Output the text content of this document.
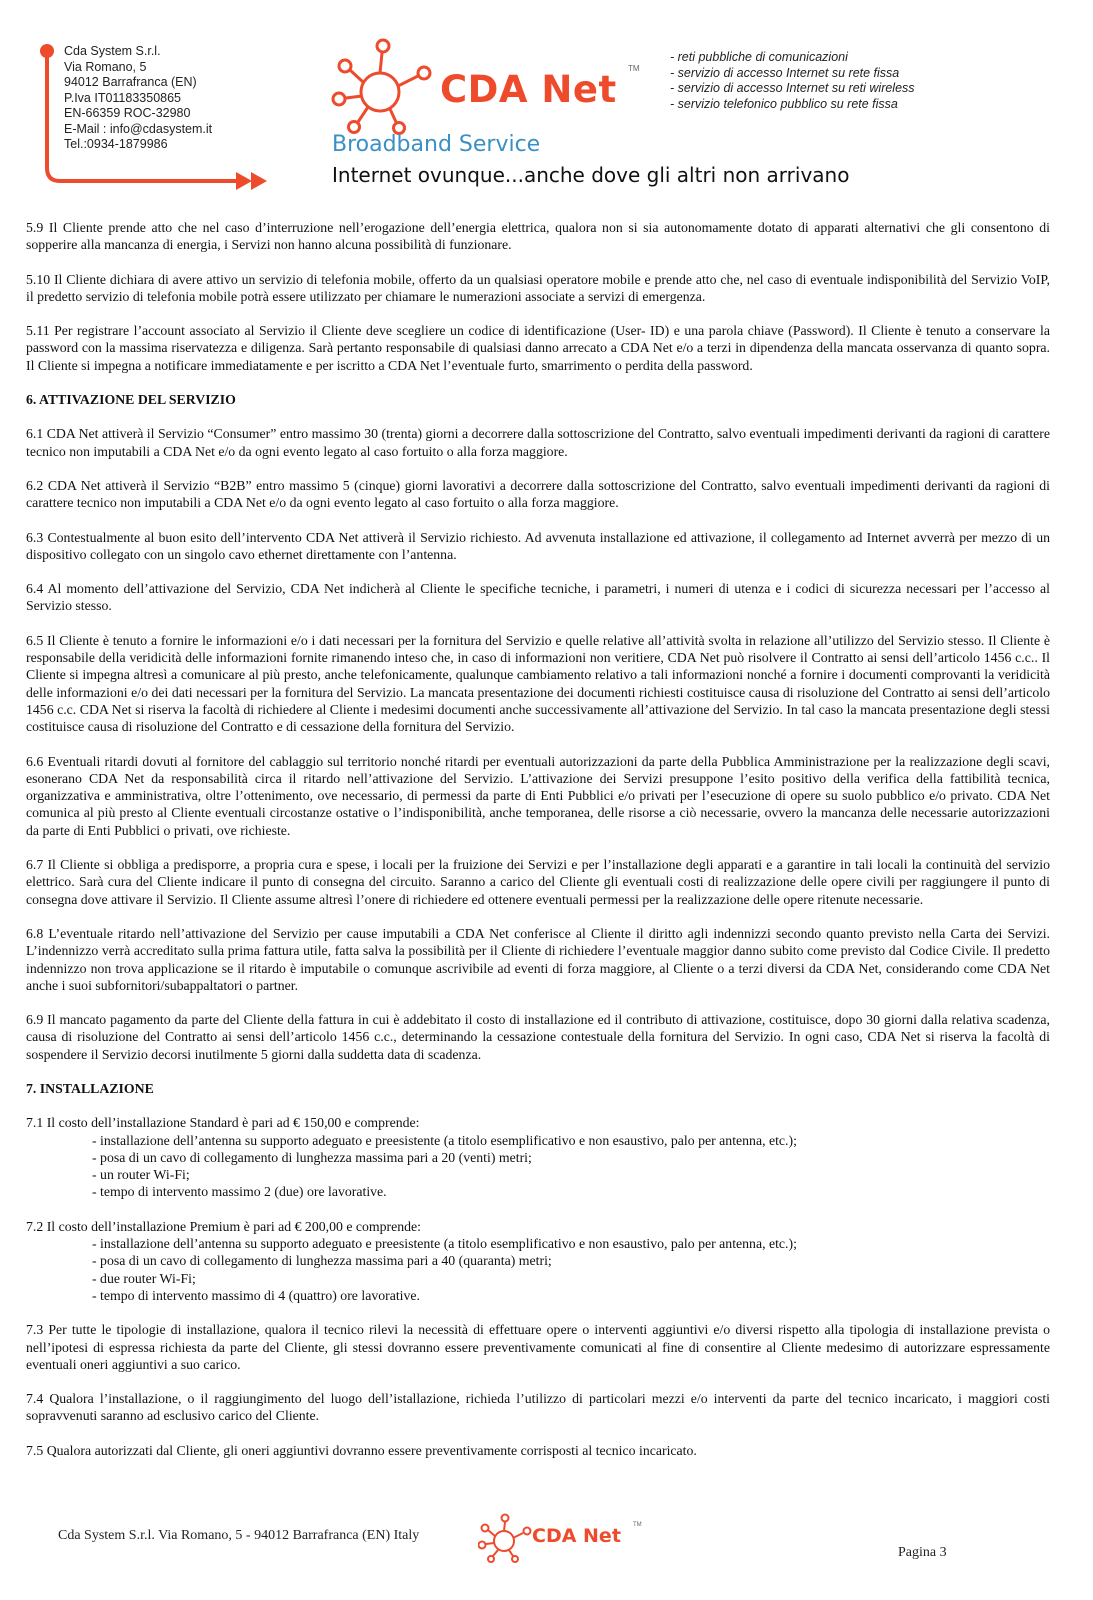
Cda System S.r.l.
Via Romano, 5
94012 Barrafranca (EN)
P.Iva IT01183350865
EN-66359 ROC-32980
E-Mail : info@cdasystem.it
Tel.:0934-1879986
CDA Net TM
Broadband Service
Internet ovunque...anche dove gli altri non arrivano
- reti pubbliche di comunicazioni
- servizio di accesso Internet su rete fissa
- servizio di accesso Internet su reti wireless
- servizio telefonico pubblico su rete fissa

5.9 Il Cliente prende atto che nel caso d’interruzione nell’erogazione dell’energia elettrica, qualora non si sia autonomamente dotato di apparati alternativi che gli consentono di sopperire alla mancanza di energia, i Servizi non hanno alcuna possibilità di funzionare.

5.10 Il Cliente dichiara di avere attivo un servizio di telefonia mobile, offerto da un qualsiasi operatore mobile e prende atto che, nel caso di eventuale indisponibilità del Servizio VoIP, il predetto servizio di telefonia mobile potrà essere utilizzato per chiamare le numerazioni associate a servizi di emergenza.

5.11 Per registrare l’account associato al Servizio il Cliente deve scegliere un codice di identificazione (User- ID) e una parola chiave (Password). Il Cliente è tenuto a conservare la password con la massima riservatezza e diligenza. Sarà pertanto responsabile di qualsiasi danno arrecato a CDA Net e/o a terzi in dipendenza della mancata osservanza di quanto sopra. Il Cliente si impegna a notificare immediatamente e per iscritto a CDA Net l’eventuale furto, smarrimento o perdita della password.

6. ATTIVAZIONE DEL SERVIZIO

6.1 CDA Net attiverà il Servizio “Consumer” entro massimo 30 (trenta) giorni a decorrere dalla sottoscrizione del Contratto, salvo eventuali impedimenti derivanti da ragioni di carattere tecnico non imputabili a CDA Net e/o da ogni evento legato al caso fortuito o alla forza maggiore.

6.2 CDA Net attiverà il Servizio “B2B” entro massimo 5 (cinque) giorni lavorativi a decorrere dalla sottoscrizione del Contratto, salvo eventuali impedimenti derivanti da ragioni di carattere tecnico non imputabili a CDA Net e/o da ogni evento legato al caso fortuito o alla forza maggiore.

6.3 Contestualmente al buon esito dell’intervento CDA Net attiverà il Servizio richiesto. Ad avvenuta installazione ed attivazione, il collegamento ad Internet avverrà per mezzo di un dispositivo collegato con un singolo cavo ethernet direttamente con l’antenna.

6.4 Al momento dell’attivazione del Servizio, CDA Net indicherà al Cliente le specifiche tecniche, i parametri, i numeri di utenza e i codici di sicurezza necessari per l’accesso al Servizio stesso.

6.5 Il Cliente è tenuto a fornire le informazioni e/o i dati necessari per la fornitura del Servizio e quelle relative all’attività svolta in relazione all’utilizzo del Servizio stesso. Il Cliente è responsabile della veridicità delle informazioni fornite rimanendo inteso che, in caso di informazioni non veritiere, CDA Net può risolvere il Contratto ai sensi dell’articolo 1456 c.c.. Il Cliente si impegna altresì a comunicare al più presto, anche telefonicamente, qualunque cambiamento relativo a tali informazioni nonché a fornire i documenti comprovanti la veridicità delle informazioni e/o dei dati necessari per la fornitura del Servizio. La mancata presentazione dei documenti richiesti costituisce causa di risoluzione del Contratto ai sensi dell’articolo 1456 c.c. CDA Net si riserva la facoltà di richiedere al Cliente i medesimi documenti anche successivamente all’attivazione del Servizio. In tal caso la mancata presentazione degli stessi costituisce causa di risoluzione del Contratto e di cessazione della fornitura del Servizio.

6.6 Eventuali ritardi dovuti al fornitore del cablaggio sul territorio nonché ritardi per eventuali autorizzazioni da parte della Pubblica Amministrazione per la realizzazione degli scavi, esonerano CDA Net da responsabilità circa il ritardo nell’attivazione del Servizio. L’attivazione dei Servizi presuppone l’esito positivo della verifica della fattibilità tecnica, organizzativa e amministrativa, oltre l’ottenimento, ove necessario, di permessi da parte di Enti Pubblici e/o privati per l’esecuzione di opere su suolo pubblico e/o privato. CDA Net comunica al più presto al Cliente eventuali circostanze ostative o l’indisponibilità, anche temporanea, delle risorse a ciò necessarie, ovvero la mancanza delle necessarie autorizzazioni da parte di Enti Pubblici o privati, ove richieste.

6.7 Il Cliente si obbliga a predisporre, a propria cura e spese, i locali per la fruizione dei Servizi e per l’installazione degli apparati e a garantire in tali locali la continuità del servizio elettrico. Sarà cura del Cliente indicare il punto di consegna del circuito. Saranno a carico del Cliente gli eventuali costi di realizzazione delle opere civili per raggiungere il punto di consegna dove attivare il Servizio. Il Cliente assume altresì l’onere di richiedere ed ottenere eventuali permessi per la realizzazione delle opere ritenute necessarie.

6.8 L’eventuale ritardo nell’attivazione del Servizio per cause imputabili a CDA Net conferisce al Cliente il diritto agli indennizzi secondo quanto previsto nella Carta dei Servizi. L’indennizzo verrà accreditato sulla prima fattura utile, fatta salva la possibilità per il Cliente di richiedere l’eventuale maggior danno subito come previsto dal Codice Civile. Il predetto indennizzo non trova applicazione se il ritardo è imputabile o comunque ascrivibile ad eventi di forza maggiore, al Cliente o a terzi diversi da CDA Net, considerando come CDA Net anche i suoi subfornitori/subappaltatori o partner.

6.9 Il mancato pagamento da parte del Cliente della fattura in cui è addebitato il costo di installazione ed il contributo di attivazione, costituisce, dopo 30 giorni dalla relativa scadenza, causa di risoluzione del Contratto ai sensi dell’articolo 1456 c.c., determinando la cessazione contestuale della fornitura del Servizio. In ogni caso, CDA Net si riserva la facoltà di sospendere il Servizio decorsi inutilmente 5 giorni dalla suddetta data di scadenza.

7. INSTALLAZIONE

7.1 Il costo dell’installazione Standard è pari ad € 150,00 e comprende:

- installazione dell’antenna su supporto adeguato e preesistente (a titolo esemplificativo e non esaustivo, palo per antenna, etc.);
- posa di un cavo di collegamento di lunghezza massima pari a 20 (venti) metri;
- un router Wi-Fi;
- tempo di intervento massimo 2 (due) ore lavorative.

7.2 Il costo dell’installazione Premium è pari ad € 200,00 e comprende:

- installazione dell’antenna su supporto adeguato e preesistente (a titolo esemplificativo e non esaustivo, palo per antenna, etc.);
- posa di un cavo di collegamento di lunghezza massima pari a 40 (quaranta) metri;
- due router Wi-Fi;
- tempo di intervento massimo di 4 (quattro) ore lavorative.

7.3 Per tutte le tipologie di installazione, qualora il tecnico rilevi la necessità di effettuare opere o interventi aggiuntivi e/o diversi rispetto alla tipologia di installazione prevista o nell’ipotesi di espressa richiesta da parte del Cliente, gli stessi dovranno essere preventivamente comunicati al fine di consentire al Cliente medesimo di autorizzare espressamente eventuali oneri aggiuntivi a suo carico.

7.4 Qualora l’installazione, o il raggiungimento del luogo dell’istallazione, richieda l’utilizzo di particolari mezzi e/o interventi da parte del tecnico incaricato, i maggiori costi sopravvenuti saranno ad esclusivo carico del Cliente.

7.5 Qualora autorizzati dal Cliente, gli oneri aggiuntivi dovranno essere preventivamente corrisposti al tecnico incaricato.

Cda System S.r.l. Via Romano, 5 - 94012 Barrafranca (EN) Italy	CDA Net TM
Pagina 3
